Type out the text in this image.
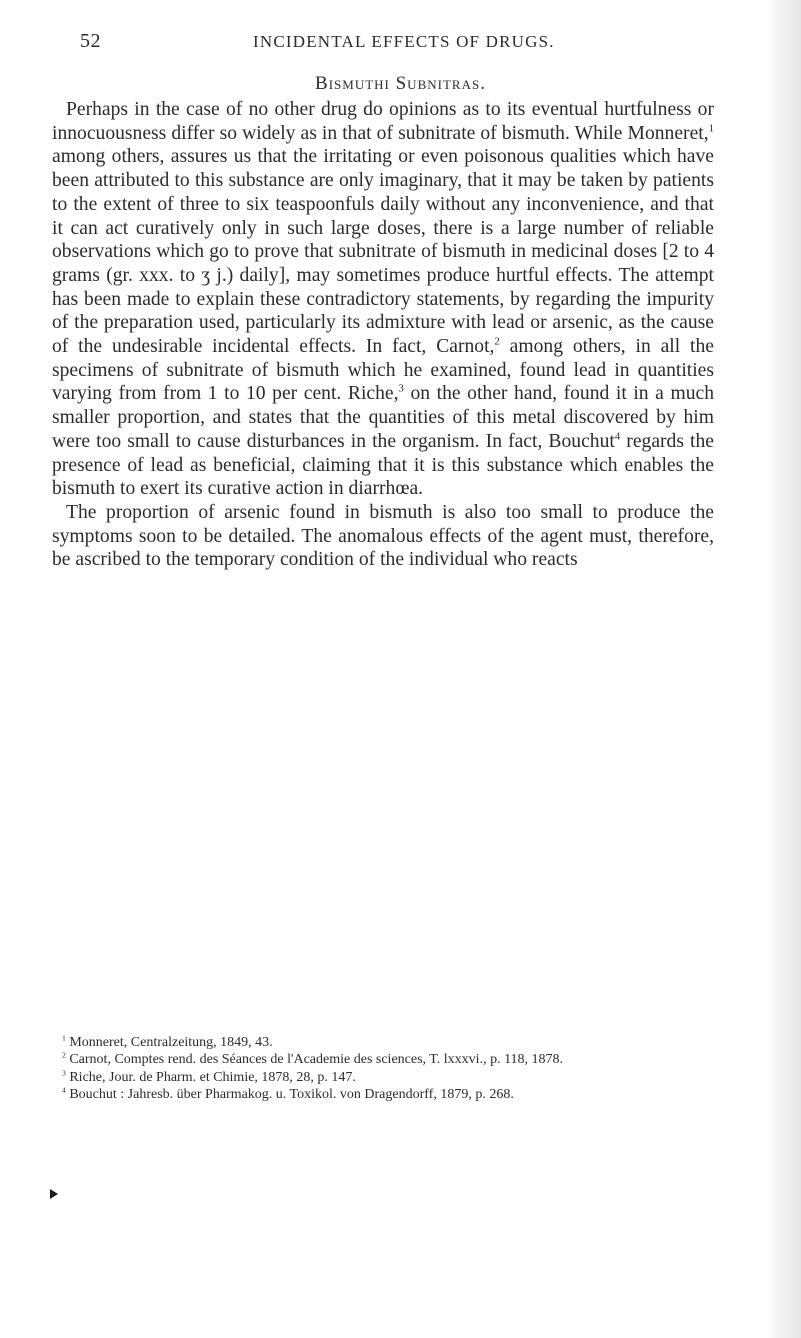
52	INCIDENTAL EFFECTS OF DRUGS.
Bismuthi Subnitras.

Perhaps in the case of no other drug do opinions as to its eventual hurtfulness or innocuousness differ so widely as in that of subnitrate of bismuth. While Monneret,$^1$ among others, assures us that the irritating or even poisonous qualities which have been attributed to this substance are only imaginary, that it may be taken by patients to the extent of three to six teaspoonfuls daily without any inconvenience, and that it can act curatively only in such large doses, there is a large number of reliable observations which go to prove that subnitrate of bismuth in medicinal doses [2 to 4 grams (gr. xxx. to ʒ j.) daily], may sometimes produce hurtful effects. The attempt has been made to explain these contradictory statements, by regarding the impurity of the preparation used, particularly its admixture with lead or arsenic, as the cause of the undesirable incidental effects. In fact, Carnot,$^2$ among others, in all the specimens of subnitrate of bismuth which he examined, found lead in quantities varying from from 1 to 10 per cent. Riche,$^3$ on the other hand, found it in a much smaller proportion, and states that the quantities of this metal discovered by him were too small to cause disturbances in the organism. In fact, Bouchut$^4$ regards the presence of lead as beneficial, claiming that it is this substance which enables the bismuth to exert its curative action in diarrhœa.

The proportion of arsenic found in bismuth is also too small to produce the symptoms soon to be detailed. The anomalous effects of the agent must, therefore, be ascribed to the temporary condition of the individual who reacts

$^1$ Monneret, Centralzeitung, 1849, 43.

$^2$ Carnot, Comptes rend. des Séances de l'Academie des sciences, T. lxxxvi., p. 118, 1878.

$^3$ Riche, Jour. de Pharm. et Chimie, 1878, 28, p. 147.

$^4$ Bouchut : Jahresb. über Pharmakog. u. Toxikol. von Dragendorff, 1879, p. 268.
